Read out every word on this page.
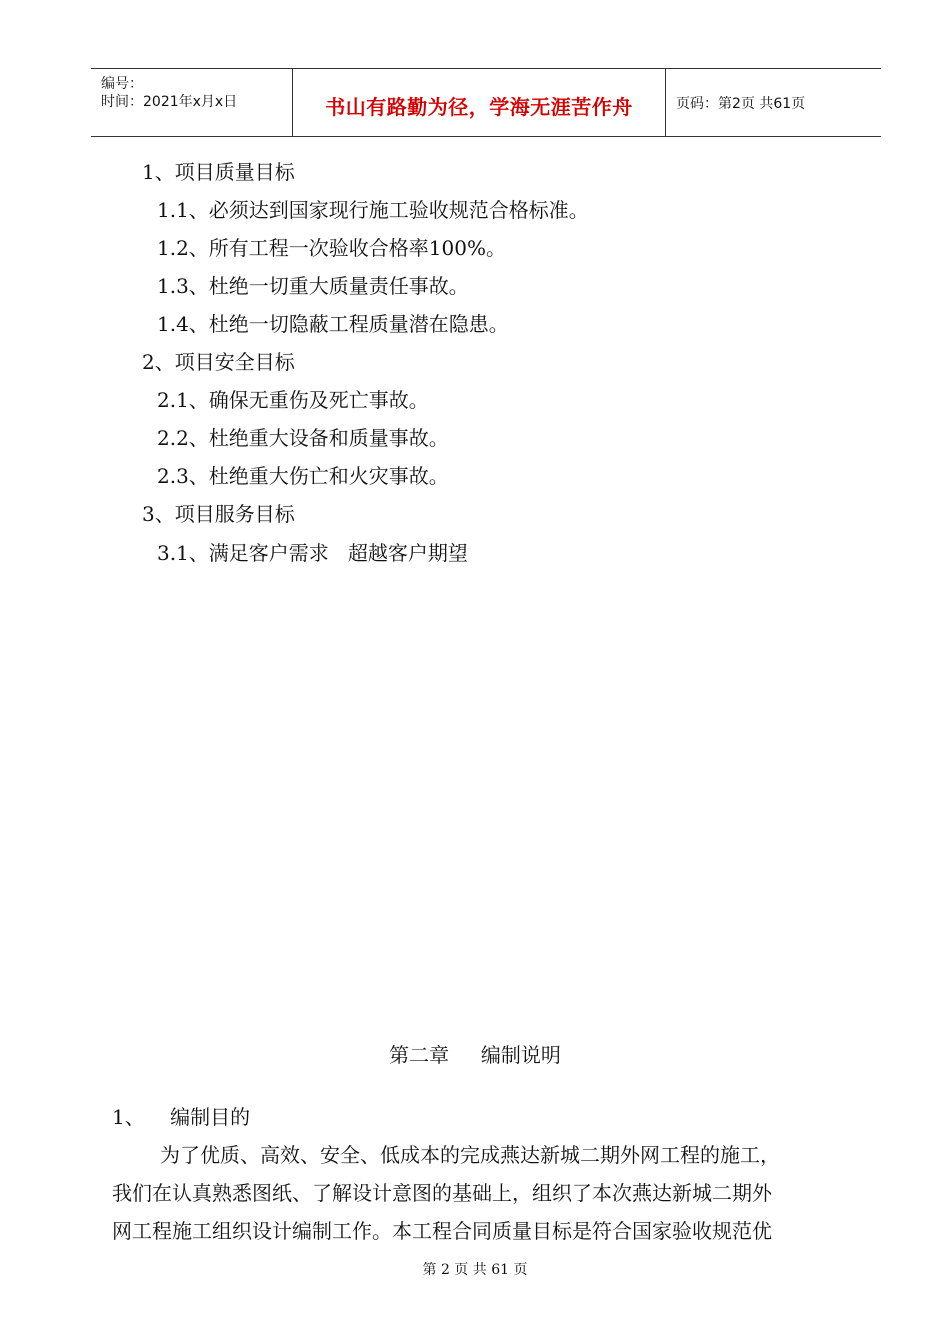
编号：
时间：2021年x月x日	书山有路勤为径，学海无涯苦作舟	页码：第2页 共61页
1、项目质量目标
1.1、必须达到国家现行施工验收规范合格标准。
1.2、所有工程一次验收合格率100%。
1.3、杜绝一切重大质量责任事故。
1.4、杜绝一切隐蔽工程质量潜在隐患。
2、项目安全目标
2.1、确保无重伤及死亡事故。
2.2、杜绝重大设备和质量事故。
2.3、杜绝重大伤亡和火灾事故。
3、项目服务目标
3.1、满足客户需求   超越客户期望
第二章     编制说明
1、    编制目的
为了优质、高效、安全、低成本的完成燕达新城二期外网工程的施工，
我们在认真熟悉图纸、了解设计意图的基础上，组织了本次燕达新城二期外
网工程施工组织设计编制工作。本工程合同质量目标是符合国家验收规范优
第 2 页 共 61 页
